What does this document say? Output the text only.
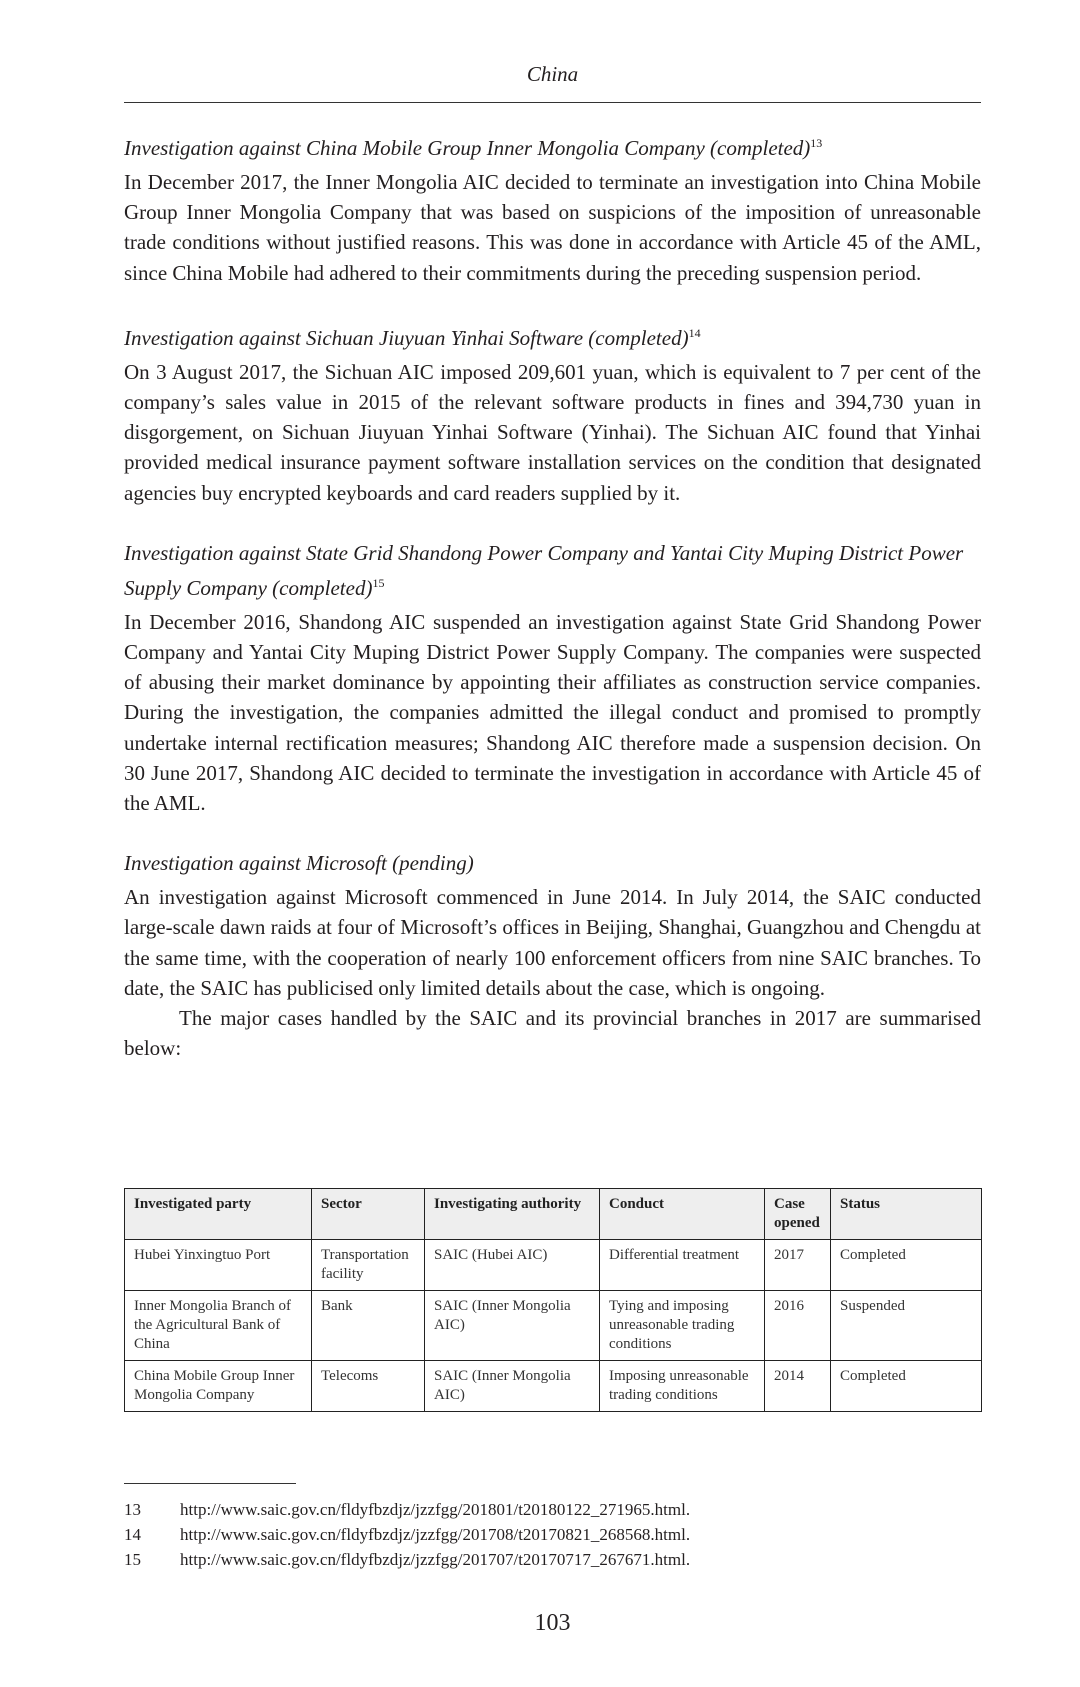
China
Investigation against China Mobile Group Inner Mongolia Company (completed)$^{13}$

In December 2017, the Inner Mongolia AIC decided to terminate an investigation into China Mobile Group Inner Mongolia Company that was based on suspicions of the imposition of unreasonable trade conditions without justified reasons. This was done in accordance with Article 45 of the AML, since China Mobile had adhered to their commitments during the preceding suspension period.

Investigation against Sichuan Jiuyuan Yinhai Software (completed)$^{14}$

On 3 August 2017, the Sichuan AIC imposed 209,601 yuan, which is equivalent to 7 per cent of the company’s sales value in 2015 of the relevant software products in fines and 394,730 yuan in disgorgement, on Sichuan Jiuyuan Yinhai Software (Yinhai). The Sichuan AIC found that Yinhai provided medical insurance payment software installation services on the condition that designated agencies buy encrypted keyboards and card readers supplied by it.

Investigation against State Grid Shandong Power Company and Yantai City Muping District Power Supply Company (completed)$^{15}$

In December 2016, Shandong AIC suspended an investigation against State Grid Shandong Power Company and Yantai City Muping District Power Supply Company. The companies were suspected of abusing their market dominance by appointing their affiliates as construction service companies. During the investigation, the companies admitted the illegal conduct and promised to promptly undertake internal rectification measures; Shandong AIC therefore made a suspension decision. On 30 June 2017, Shandong AIC decided to terminate the investigation in accordance with Article 45 of the AML.

Investigation against Microsoft (pending)

An investigation against Microsoft commenced in June 2014. In July 2014, the SAIC conducted large-scale dawn raids at four of Microsoft’s offices in Beijing, Shanghai, Guangzhou and Chengdu at the same time, with the cooperation of nearly 100 enforcement officers from nine SAIC branches. To date, the SAIC has publicised only limited details about the case, which is ongoing.

The major cases handled by the SAIC and its provincial branches in 2017 are summarised below:

Investigated party	Sector	Investigating authority	Conduct	Case opened	Status
Hubei Yinxingtuo Port	Transportation facility	SAIC (Hubei AIC)	Differential treatment	2017	Completed
Inner Mongolia Branch of the Agricultural Bank of China	Bank	SAIC (Inner Mongolia AIC)	Tying and imposing unreasonable trading conditions	2016	Suspended
China Mobile Group Inner Mongolia Company	Telecoms	SAIC (Inner Mongolia AIC)	Imposing unreasonable trading conditions	2014	Completed
13 http://www.saic.gov.cn/fldyfbzdjz/jzzfgg/201801/t20180122_271965.html.
14 http://www.saic.gov.cn/fldyfbzdjz/jzzfgg/201708/t20170821_268568.html.
15 http://www.saic.gov.cn/fldyfbzdjz/jzzfgg/201707/t20170717_267671.html.
103
